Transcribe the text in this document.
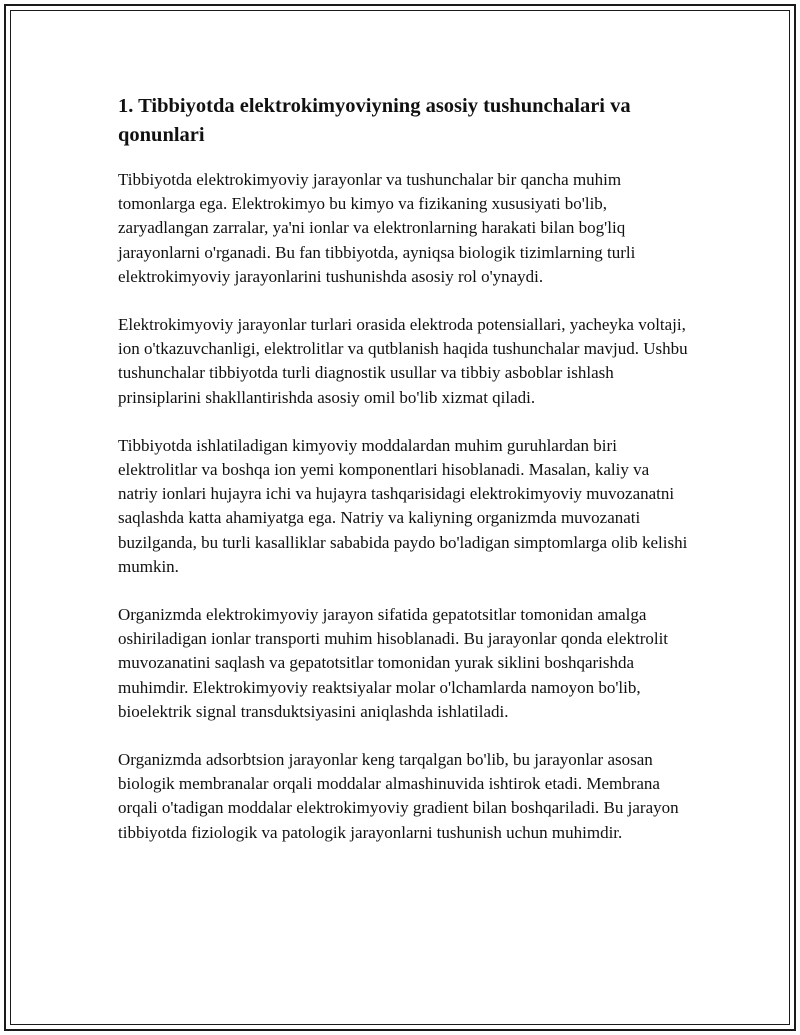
1. Tibbiyotda elektrokimyoviyning asosiy tushunchalari va qonunlari

Tibbiyotda elektrokimyoviy jarayonlar va tushunchalar bir qancha muhim tomonlarga ega. Elektrokimyo bu kimyo va fizikaning xususiyati bo'lib, zaryadlangan zarralar, ya'ni ionlar va elektronlarning harakati bilan bog'liq jarayonlarni o'rganadi. Bu fan tibbiyotda, ayniqsa biologik tizimlarning turli elektrokimyoviy jarayonlarini tushunishda asosiy rol o'ynaydi.

Elektrokimyoviy jarayonlar turlari orasida elektroda potensiallari, yacheyka voltaji, ion o'tkazuvchanligi, elektrolitlar va qutblanish haqida tushunchalar mavjud. Ushbu tushunchalar tibbiyotda turli diagnostik usullar va tibbiy asboblar ishlash prinsiplarini shakllantirishda asosiy omil bo'lib xizmat qiladi.

Tibbiyotda ishlatiladigan kimyoviy moddalardan muhim guruhlardan biri elektrolitlar va boshqa ion yemi komponentlari hisoblanadi. Masalan, kaliy va natriy ionlari hujayra ichi va hujayra tashqarisidagi elektrokimyoviy muvozanatni saqlashda katta ahamiyatga ega. Natriy va kaliyning organizmda muvozanati buzilganda, bu turli kasalliklar sababida paydo bo'ladigan simptomlarga olib kelishi mumkin.

Organizmda elektrokimyoviy jarayon sifatida gepatotsitlar tomonidan amalga oshiriladigan ionlar transporti muhim hisoblanadi. Bu jarayonlar qonda elektrolit muvozanatini saqlash va gepatotsitlar tomonidan yurak siklini boshqarishda muhimdir. Elektrokimyoviy reaktsiyalar molar o'lchamlarda namoyon bo'lib, bioelektrik signal transduktsiyasini aniqlashda ishlatiladi.

Organizmda adsorbtsion jarayonlar keng tarqalgan bo'lib, bu jarayonlar asosan biologik membranalar orqali moddalar almashinuvida ishtirok etadi. Membrana orqali o'tadigan moddalar elektrokimyoviy gradient bilan boshqariladi. Bu jarayon tibbiyotda fiziologik va patologik jarayonlarni tushunish uchun muhimdir.
